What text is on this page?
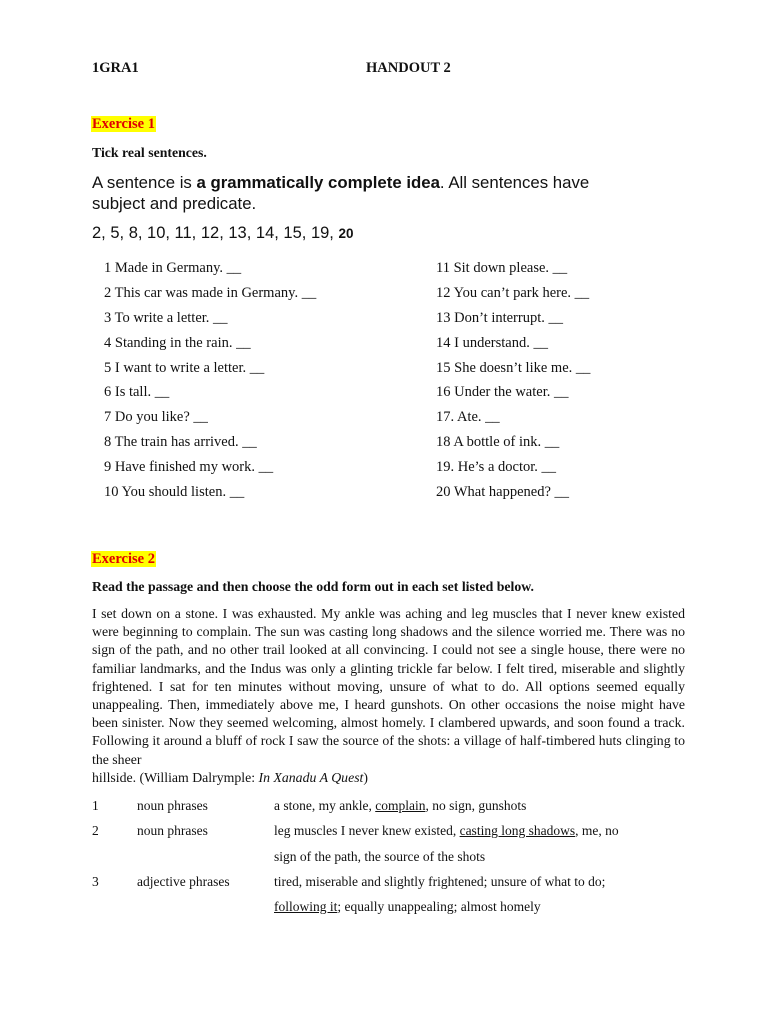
1GRA1	HANDOUT 2
Exercise 1
Tick real sentences.
A sentence is a grammatically complete idea. All sentences have
subject and predicate.
2, 5, 8, 10, 11, 12, 13, 14, 15, 19, 20
1 Made in Germany. __
2 This car was made in Germany. __
3 To write a letter. __
4 Standing in the rain. __
5 I want to write a letter. __
6 Is tall. __
7 Do you like? __
8 The train has arrived. __
9 Have finished my work. __
10 You should listen. __
11 Sit down please. __
12 You can’t park here. __
13 Don’t interrupt. __
14 I understand. __
15 She doesn’t like me. __
16 Under the water. __
17. Ate. __
18 A bottle of ink. __
19. He’s a doctor. __
20 What happened? __
Exercise 2
Read the passage and then choose the odd form out in each set listed below.

I set down on a stone. I was exhausted. My ankle was aching and leg muscles that I never knew existed were beginning to complain. The sun was casting long shadows and the silence worried me. There was no sign of the path, and no other trail looked at all convincing. I could not see a single house, there were no familiar landmarks, and the Indus was only a glinting trickle far below. I felt tired, miserable and slightly frightened. I sat for ten minutes without moving, unsure of what to do. All options seemed equally unappealing. Then, immediately above me, I heard gunshots. On other occasions the noise might have been sinister. Now they seemed welcoming, almost homely. I clambered upwards, and soon found a track. Following it around a bluff of rock I saw the source of the shots: a village of half-timbered huts clinging to the sheer

hillside. (William Dalrymple: In Xanadu A Quest)

1	noun phrases	a stone, my ankle, complain, no sign, gunshots
2	noun phrases	leg muscles I never knew existed, casting long shadows, me, no
sign of the path, the source of the shots
3	adjective phrases	tired, miserable and slightly frightened; unsure of what to do;
following it; equally unappealing; almost homely
